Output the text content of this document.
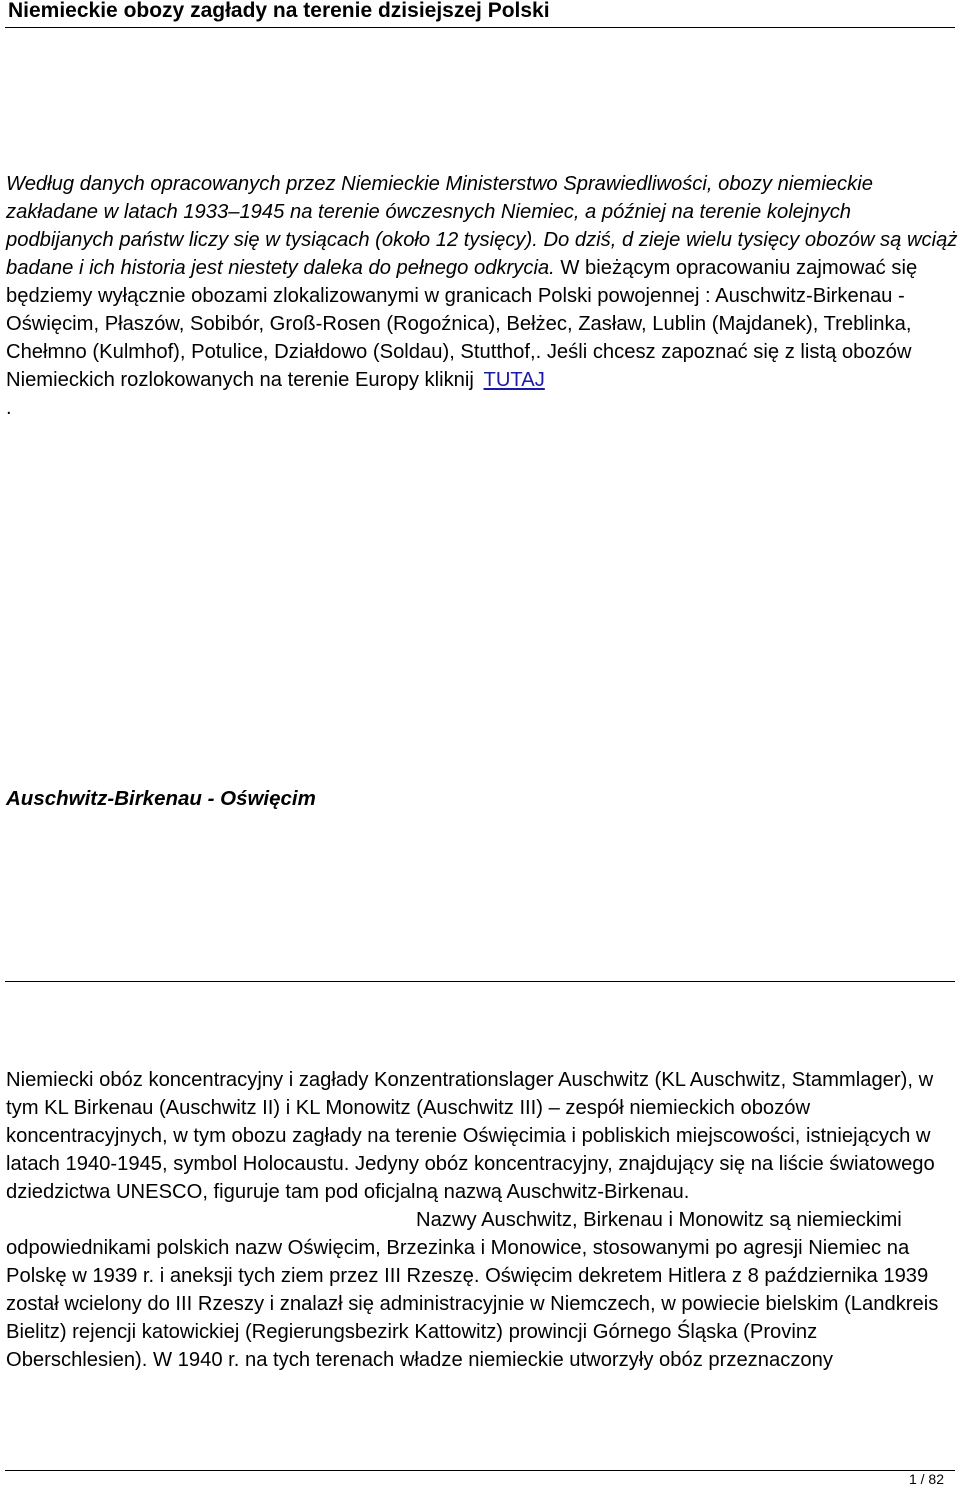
Niemieckie obozy zagłady na terenie dzisiejszej Polski

Według danych opracowanych przez Niemieckie Ministerstwo Sprawiedliwości, obozy niemieckie zakładane w latach 1933–1945 na terenie ówczesnych Niemiec, a później na terenie kolejnych podbijanych państw liczy się w tysiącach (około 12 tysięcy). Do dziś, d zieje wielu tysięcy obozów są wciąż badane i ich historia jest niestety daleka do pełnego odkrycia. W bieżącym opracowaniu zajmować się będziemy wyłącznie obozami zlokalizowanymi w granicach Polski powojennej : Auschwitz-Birkenau - Oświęcim, Płaszów, Sobibór, Groß-Rosen (Rogoźnica), Bełżec, Zasław, Lublin (Majdanek), Treblinka, Chełmno (Kulmhof), Potulice, Działdowo (Soldau), Stutthof,. Jeśli chcesz zapoznać się z listą obozów Niemieckich rozlokowanych na terenie Europy kliknij TUTAJ
.

Auschwitz-Birkenau - Oświęcim

Niemiecki obóz koncentracyjny i zagłady Konzentrationslager Auschwitz (KL Auschwitz, Stammlager), w tym KL Birkenau (Auschwitz II) i KL Monowitz (Auschwitz III) – zespół niemieckich obozów koncentracyjnych, w tym obozu zagłady na terenie Oświęcimia i pobliskich miejscowości, istniejących w latach 1940-1945, symbol Holocaustu. Jedyny obóz koncentracyjny, znajdujący się na liście światowego dziedzictwa UNESCO, figuruje tam pod oficjalną nazwą Auschwitz-Birkenau.Nazwy Auschwitz, Birkenau i Monowitz są niemieckimi odpowiednikami polskich nazw Oświęcim, Brzezinka i Monowice, stosowanymi po agresji Niemiec na Polskę w 1939 r. i aneksji tych ziem przez III Rzeszę. Oświęcim dekretem Hitlera z 8 października 1939 został wcielony do III Rzeszy i znalazł się administracyjnie w Niemczech, w powiecie bielskim (Landkreis Bielitz) rejencji katowickiej (Regierungsbezirk Kattowitz) prowincji Górnego Śląska (Provinz Oberschlesien). W 1940 r. na tych terenach władze niemieckie utworzyły obóz przeznaczony

1 / 82
